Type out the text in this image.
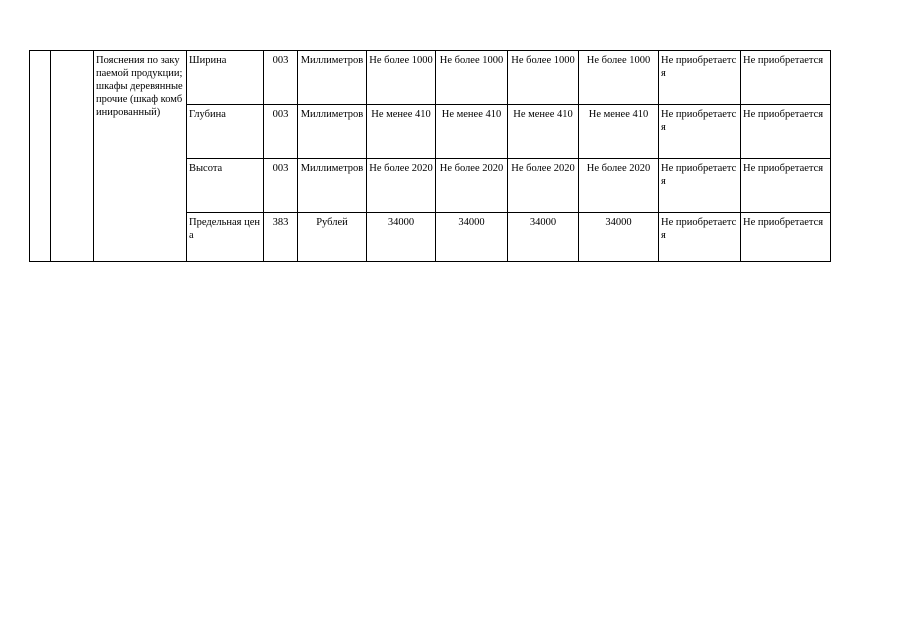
		Пояснения по закупаемой продукции; шкафы деревянные прочие (шкаф комбинированный)	Ширина	003	Миллиметров	Не более 1000	Не более 1000	Не более 1000	Не более 1000	Не приобретается	Не приобретается
			Глубина	003	Миллиметров	Не менее 410	Не менее 410	Не менее 410	Не менее 410	Не приобретается	Не приобретается
			Высота	003	Миллиметров	Не более 2020	Не более 2020	Не более 2020	Не более 2020	Не приобретается	Не приобретается
			Предельная цена	383	Рублей	34000	34000	34000	34000	Не приобретается	Не приобретается
